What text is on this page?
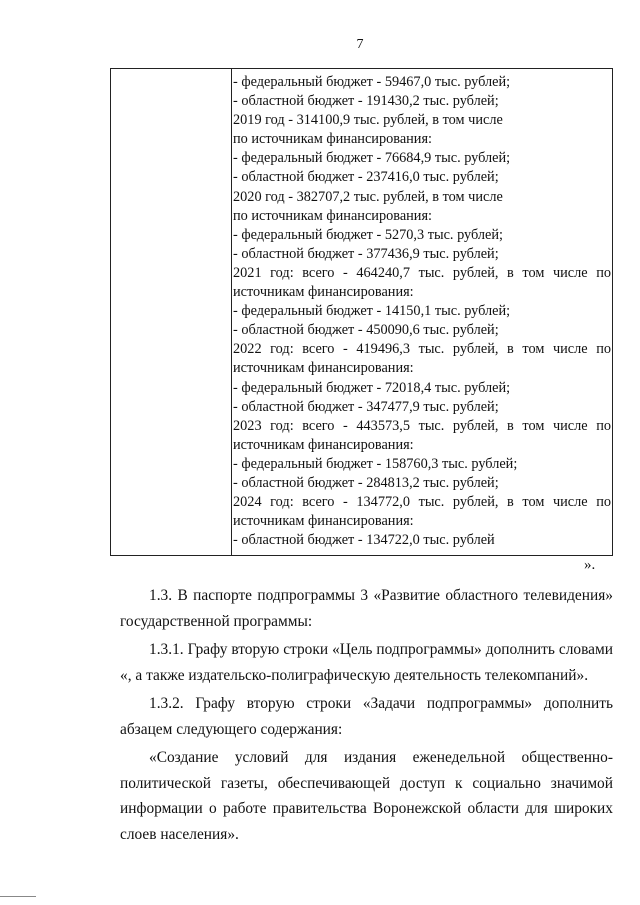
7
- федеральный бюджет - 59467,0 тыс. рублей;
- областной бюджет - 191430,2 тыс. рублей;
2019 год - 314100,9 тыс. рублей, в том числе
по источникам финансирования:
- федеральный бюджет - 76684,9 тыс. рублей;
- областной бюджет - 237416,0 тыс. рублей;
2020 год - 382707,2 тыс. рублей, в том числе
по источникам финансирования:
- федеральный бюджет - 5270,3 тыс. рублей;
- областной бюджет - 377436,9 тыс. рублей;
2021 год: всего - 464240,7 тыс. рублей, в том числе по
источникам финансирования:
- федеральный бюджет - 14150,1 тыс. рублей;
- областной бюджет - 450090,6 тыс. рублей;
2022 год: всего - 419496,3 тыс. рублей, в том числе по
источникам финансирования:
- федеральный бюджет - 72018,4 тыс. рублей;
- областной бюджет - 347477,9 тыс. рублей;
2023 год: всего - 443573,5 тыс. рублей, в том числе по
источникам финансирования:
- федеральный бюджет - 158760,3 тыс. рублей;
- областной бюджет - 284813,2 тыс. рублей;
2024 год: всего - 134772,0 тыс. рублей, в том числе по
источникам финансирования:
- областной бюджет - 134722,0 тыс. рублей
».
1.3. В паспорте подпрограммы 3 «Развитие областного телевидения»
государственной программы:
1.3.1. Графу вторую строки «Цель подпрограммы» дополнить словами
«, а также издательско-полиграфическую деятельность телекомпаний».
1.3.2. Графу вторую строки «Задачи подпрограммы» дополнить
абзацем следующего содержания:
«Создание условий для издания еженедельной общественно-
политической газеты, обеспечивающей доступ к социально значимой информации о работе правительства Воронежской области для широких слоев населения».
